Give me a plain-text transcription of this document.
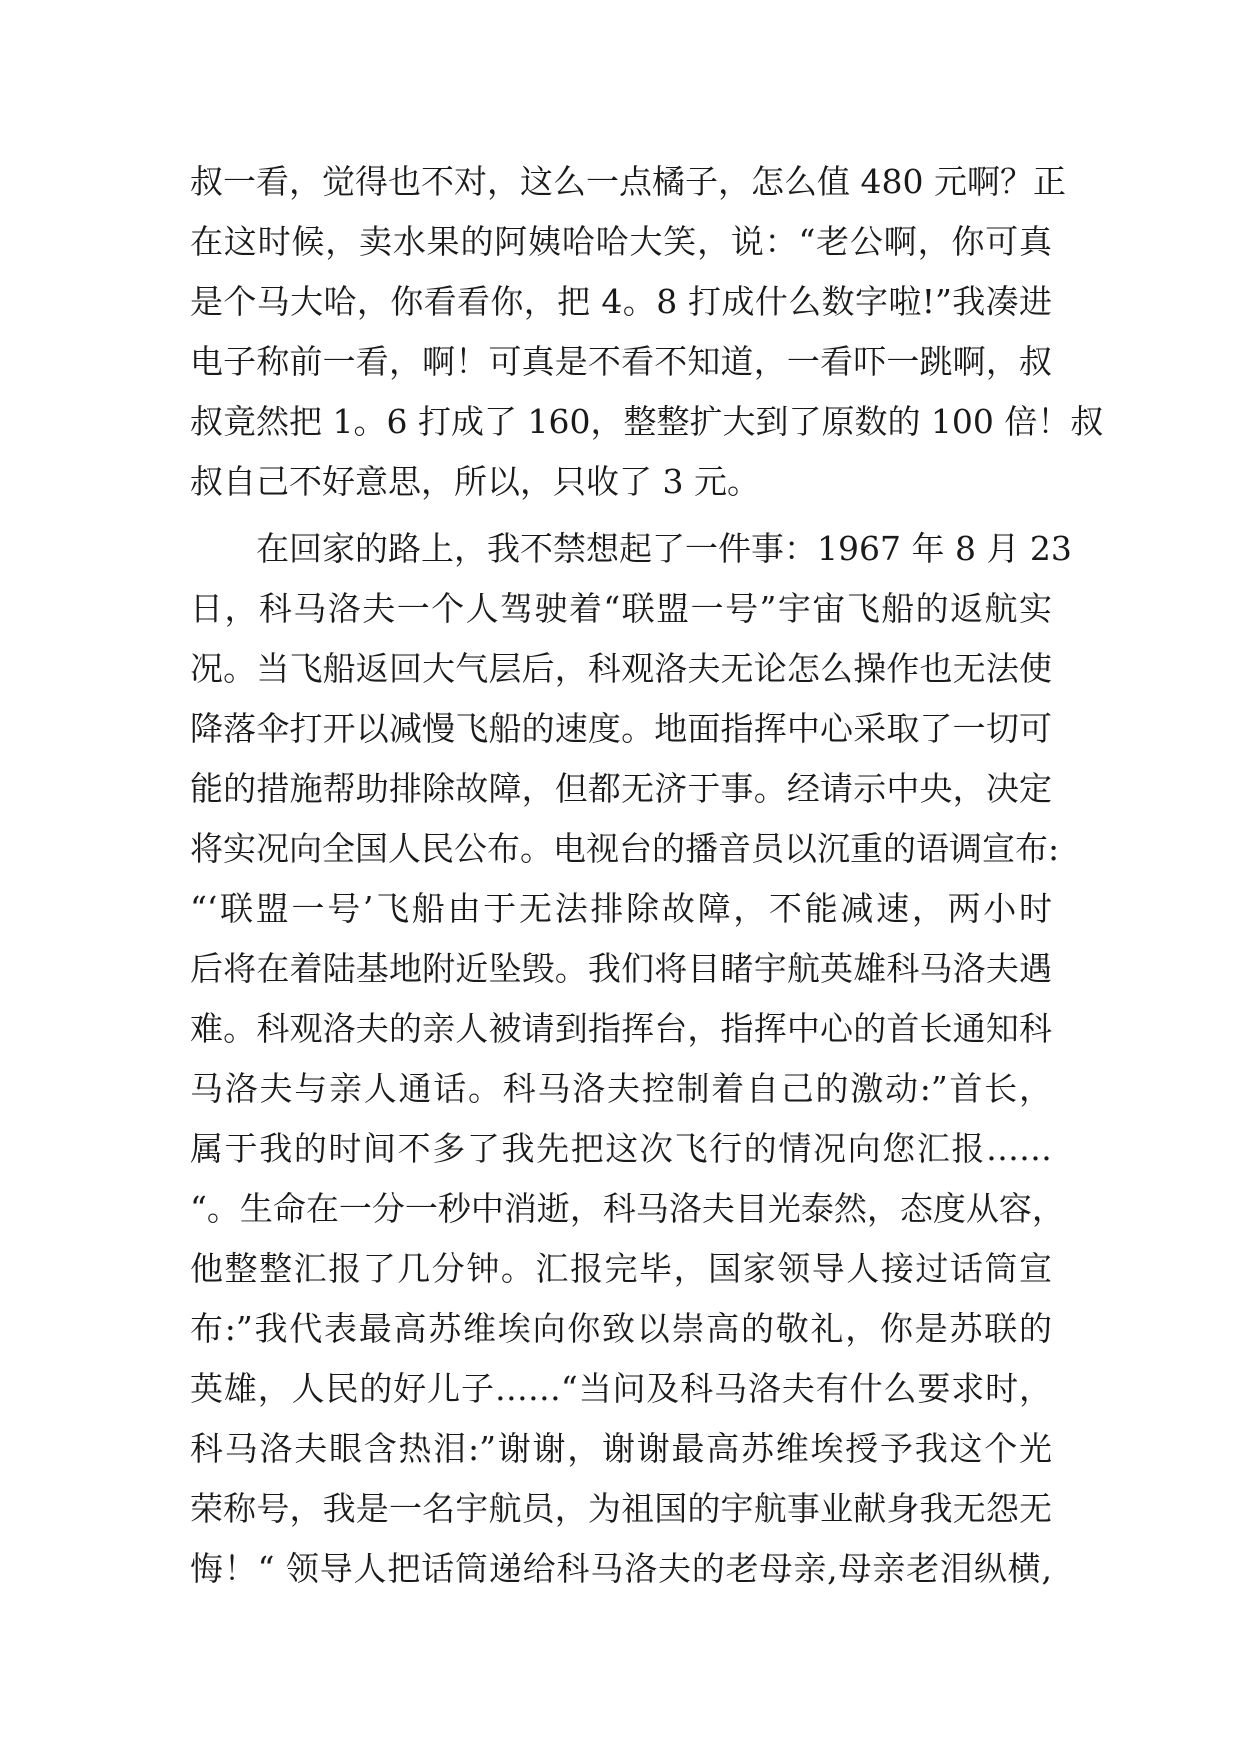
叔一看，觉得也不对，这么一点橘子，怎么值 480 元啊？正
在这时候，卖水果的阿姨哈哈大笑，说：“老公啊，你可真
是个马大哈，你看看你，把 4。8 打成什么数字啦!”我凑进
电子称前一看，啊！可真是不看不知道，一看吓一跳啊，叔
叔竟然把 1。6 打成了 160，整整扩大到了原数的 100 倍！叔
叔自己不好意思，所以，只收了 3 元。
在回家的路上，我不禁想起了一件事：1967 年 8 月 23
日，科马洛夫一个人驾驶着“联盟一号”宇宙飞船的返航实
况。当飞船返回大气层后，科观洛夫无论怎么操作也无法使
降落伞打开以减慢飞船的速度。地面指挥中心采取了一切可
能的措施帮助排除故障，但都无济于事。经请示中央，决定
将实况向全国人民公布。电视台的播音员以沉重的语调宣布:
“‘联盟一号’飞船由于无法排除故障，不能减速，两小时
后将在着陆基地附近坠毁。我们将目睹宇航英雄科马洛夫遇
难。科观洛夫的亲人被请到指挥台，指挥中心的首长通知科
马洛夫与亲人通话。科马洛夫控制着自己的激动:”首长，
属于我的时间不多了我先把这次飞行的情况向您汇报……
“。生命在一分一秒中消逝，科马洛夫目光泰然，态度从容，
他整整汇报了几分钟。汇报完毕，国家领导人接过话筒宣
布:”我代表最高苏维埃向你致以崇高的敬礼，你是苏联的
英雄，人民的好儿子……“当问及科马洛夫有什么要求时，
科马洛夫眼含热泪:”谢谢，谢谢最高苏维埃授予我这个光
荣称号，我是一名宇航员，为祖国的宇航事业献身我无怨无
悔！“ 领导人把话筒递给科马洛夫的老母亲,母亲老泪纵横,
